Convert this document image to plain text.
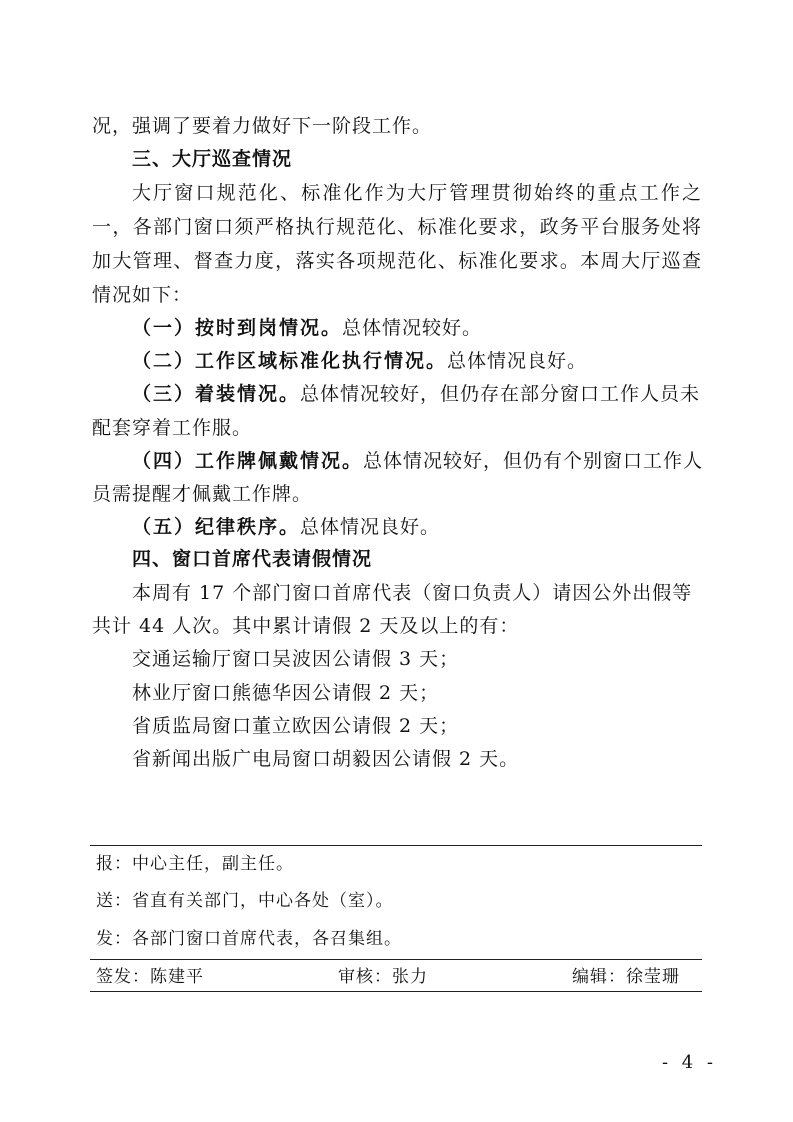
况，强调了要着力做好下一阶段工作。
三、大厅巡查情况
大厅窗口规范化、标准化作为大厅管理贯彻始终的重点工作之
一，各部门窗口须严格执行规范化、标准化要求，政务平台服务处将
加大管理、督查力度，落实各项规范化、标准化要求。本周大厅巡查
情况如下：
（一）按时到岗情况。总体情况较好。
（二）工作区域标准化执行情况。总体情况良好。
（三）着装情况。总体情况较好，但仍存在部分窗口工作人员未
配套穿着工作服。
（四）工作牌佩戴情况。总体情况较好，但仍有个别窗口工作人
员需提醒才佩戴工作牌。
（五）纪律秩序。总体情况良好。
四、窗口首席代表请假情况
本周有 17 个部门窗口首席代表（窗口负责人）请因公外出假等
共计 44 人次。其中累计请假 2 天及以上的有：
交通运输厅窗口吴波因公请假 3 天；
林业厅窗口熊德华因公请假 2 天；
省质监局窗口董立欧因公请假 2 天；
省新闻出版广电局窗口胡毅因公请假 2 天。
报：中心主任，副主任。
送：省直有关部门，中心各处（室）。
发：各部门窗口首席代表，各召集组。
签发：陈建平	审核：张力	编辑：徐莹珊
- 4 -
